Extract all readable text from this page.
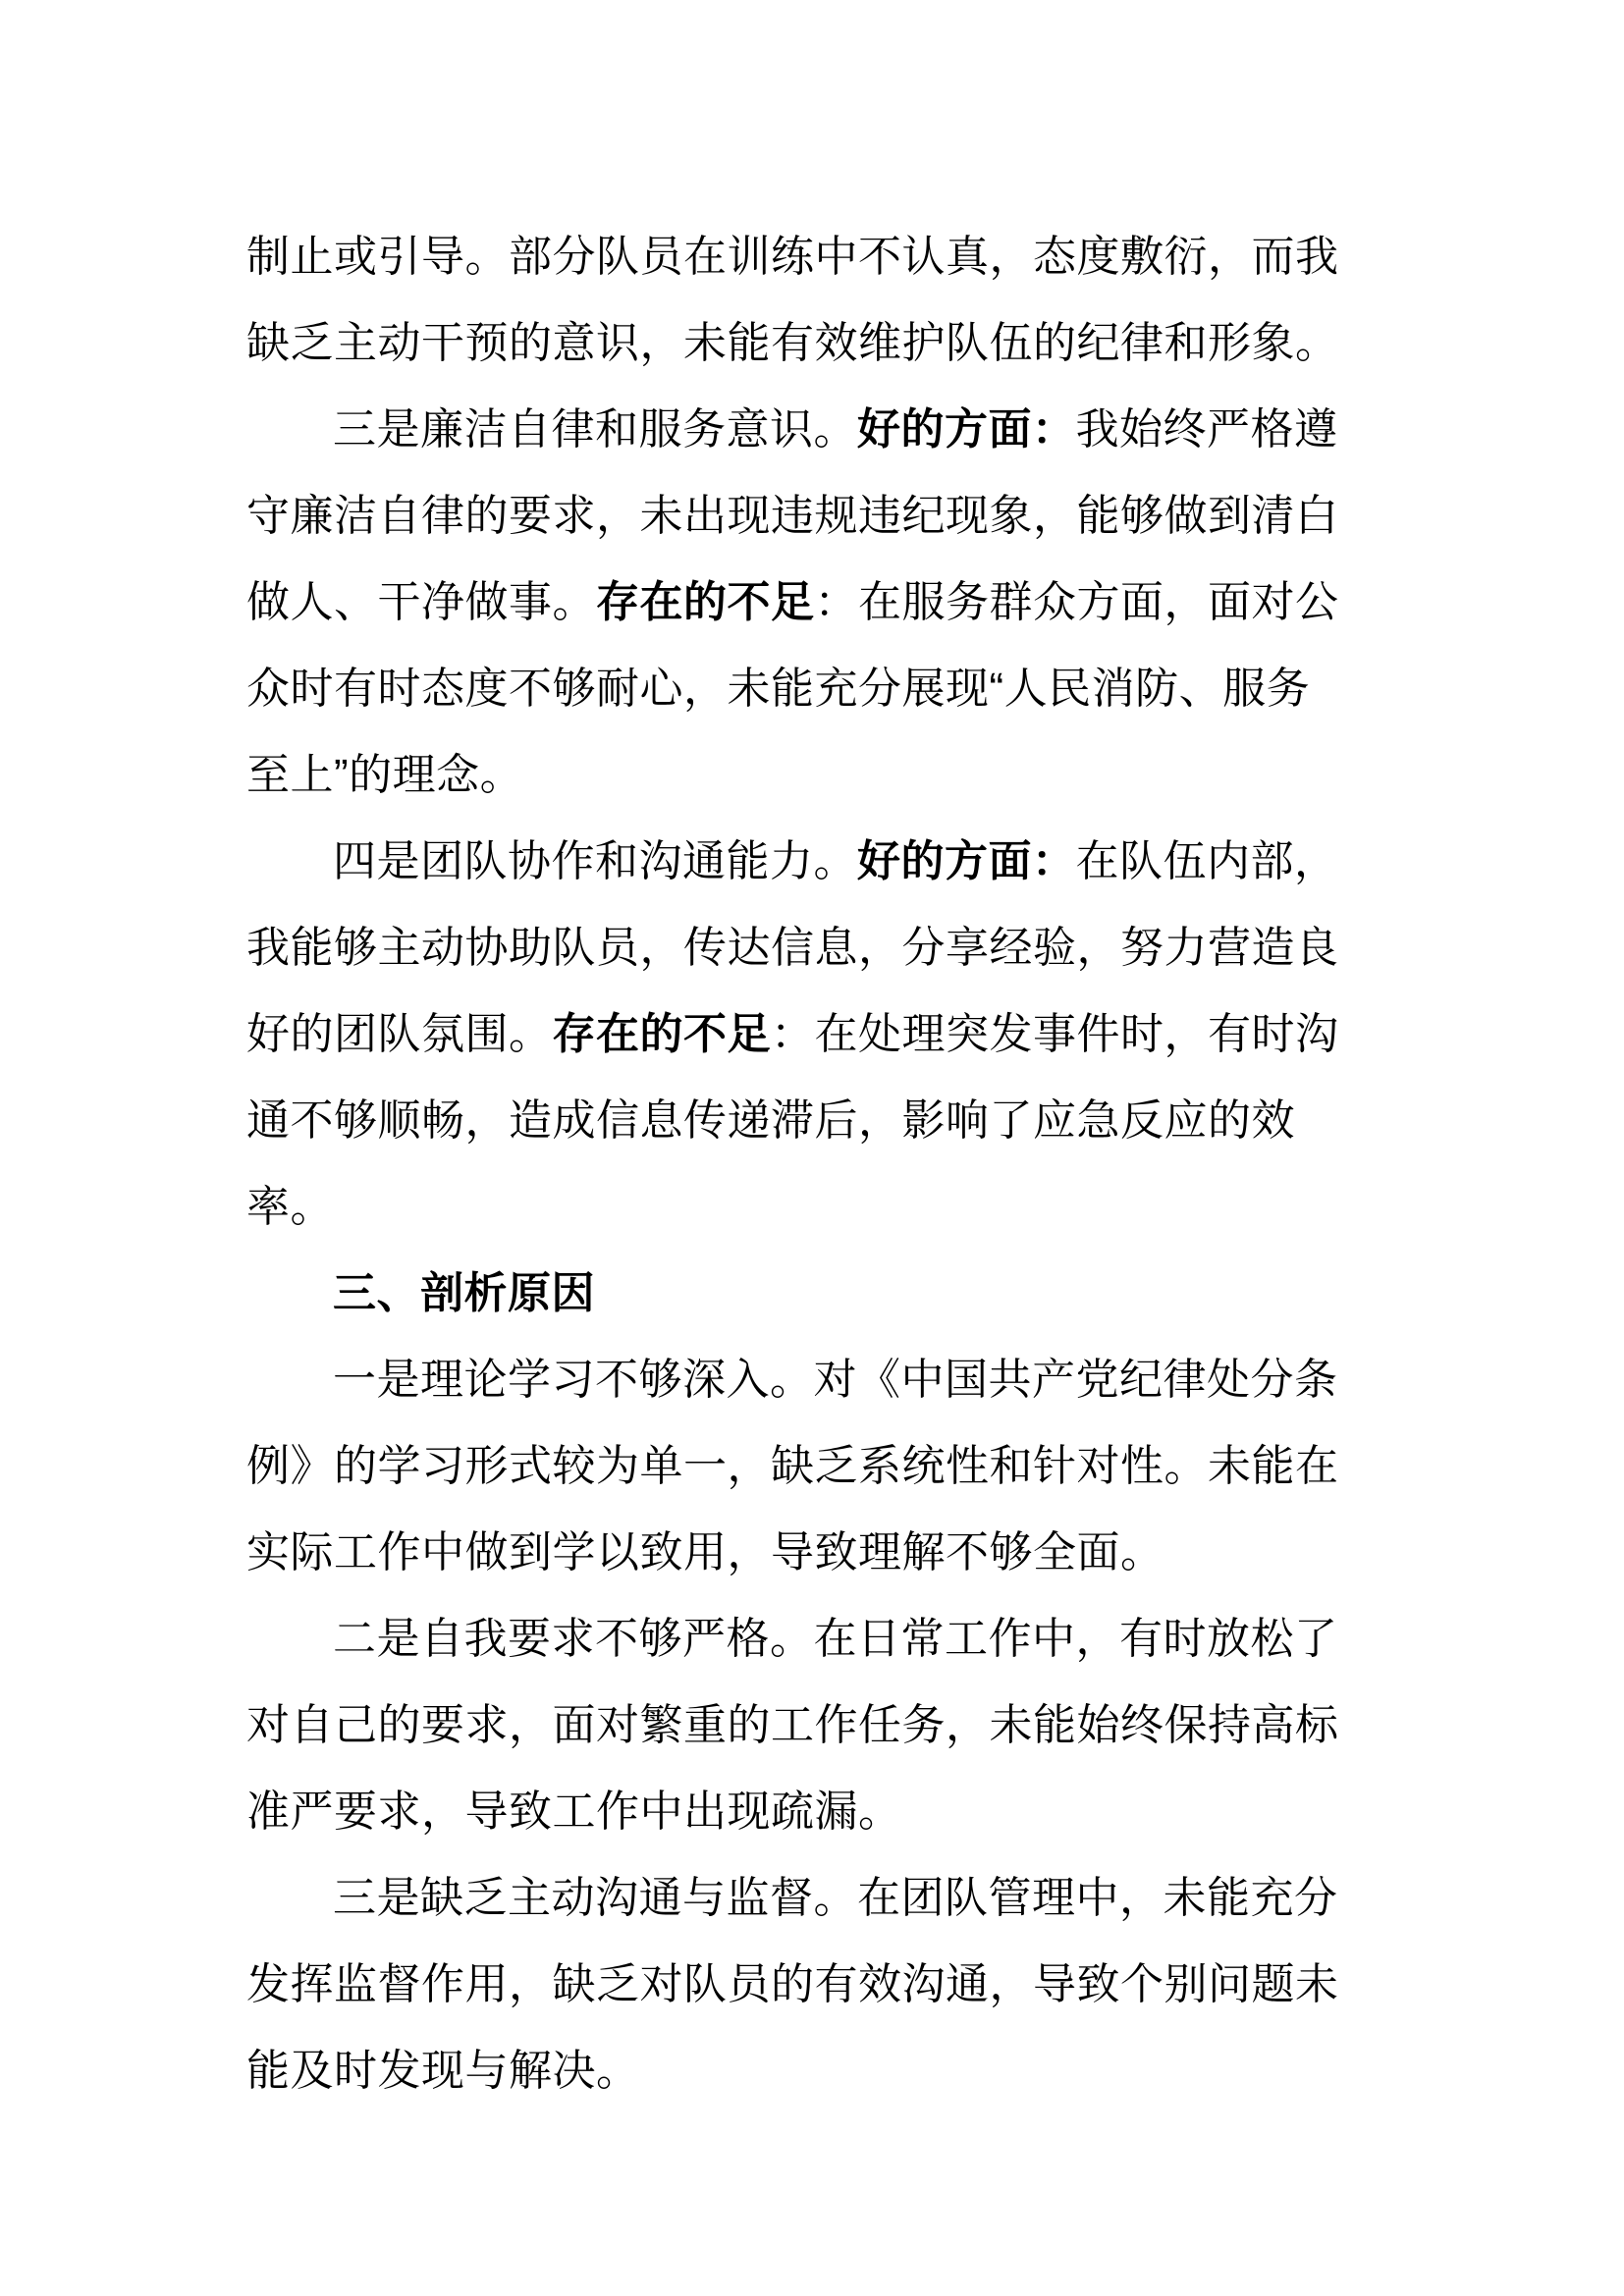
制止或引导。部分队员在训练中不认真，态度敷衍，而我

缺乏主动干预的意识，未能有效维护队伍的纪律和形象。

三是廉洁自律和服务意识。好的方面：我始终严格遵

守廉洁自律的要求，未出现违规违纪现象，能够做到清白

做人、干净做事。存在的不足：在服务群众方面，面对公

众时有时态度不够耐心，未能充分展现“人民消防、服务

至上”的理念。

四是团队协作和沟通能力。好的方面：在队伍内部，

我能够主动协助队员，传达信息，分享经验，努力营造良

好的团队氛围。存在的不足：在处理突发事件时，有时沟

通不够顺畅，造成信息传递滞后，影响了应急反应的效

率。

三、剖析原因

一是理论学习不够深入。对《中国共产党纪律处分条

例》的学习形式较为单一，缺乏系统性和针对性。未能在

实际工作中做到学以致用，导致理解不够全面。

二是自我要求不够严格。在日常工作中，有时放松了

对自己的要求，面对繁重的工作任务，未能始终保持高标

准严要求，导致工作中出现疏漏。

三是缺乏主动沟通与监督。在团队管理中，未能充分

发挥监督作用，缺乏对队员的有效沟通，导致个别问题未

能及时发现与解决。
